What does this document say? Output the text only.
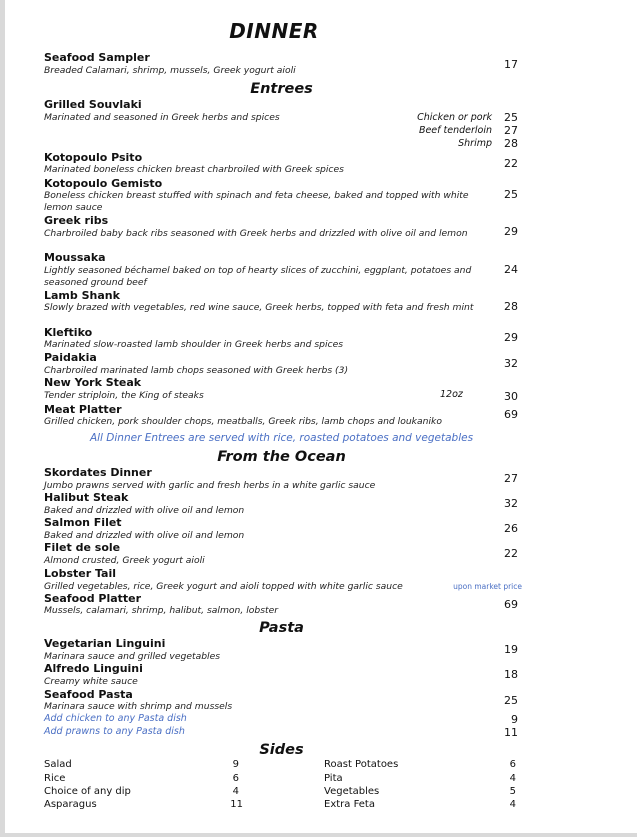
DINNER
Seafood Sampler
Breaded Calamari, shrimp, mussels, Greek yogurt aioli	17
Entrees
Grilled Souvlaki
Marinated and seasoned in Greek herbs and spices	Chicken or pork	25
Beef tenderloin	27
Shrimp	28
Kotopoulo Psito
Marinated boneless chicken breast charbroiled with Greek spices	22
Kotopoulo Gemisto
Boneless chicken breast stuffed with spinach and feta cheese, baked and topped with white lemon sauce
25
Greek ribs
Charbroiled baby back ribs seasoned with Greek herbs and drizzled with olive oil and lemon	29
Moussaka
Lightly seasoned béchamel baked on top of hearty slices of zucchini, eggplant, potatoes and seasoned ground beef
24
Lamb Shank
Slowly brazed with vegetables, red wine sauce, Greek herbs, topped with feta and fresh mint	28
Kleftiko
Marinated slow-roasted lamb shoulder in Greek herbs and spices
29
Paidakia
Charbroiled marinated lamb chops seasoned with Greek herbs (3)
32
New York Steak
Tender striploin, the King of steaks	12oz	30
Meat Platter
Grilled chicken, pork shoulder chops, meatballs, Greek ribs, lamb chops and loukaniko
69
All Dinner Entrees are served with rice, roasted potatoes and vegetables
From the Ocean
Skordates Dinner
Jumbo prawns served with garlic and fresh herbs in a white garlic sauce
27
Halibut Steak
Baked and drizzled with olive oil and lemon
32
Salmon Filet
Baked and drizzled with olive oil and lemon
26
Filet de sole
Almond crusted, Greek yogurt aioli
22
Lobster Tail
Grilled vegetables, rice, Greek yogurt and aioli topped with white garlic sauce	upon market price
Seafood Platter
Mussels, calamari, shrimp, halibut, salmon, lobster	69
Pasta
Vegetarian Linguini
Marinara sauce and grilled vegetables
19
Alfredo Linguini
Creamy white sauce
18
Seafood Pasta
Marinara sauce with shrimp and mussels	25
Add chicken to any Pasta dish	9
Add prawns to any Pasta dish	11
Sides
Salad	9
Rice	6
Choice of any dip	4
Asparagus	11
Roast Potatoes	6
Pita	4
Vegetables	5
Extra Feta	4
